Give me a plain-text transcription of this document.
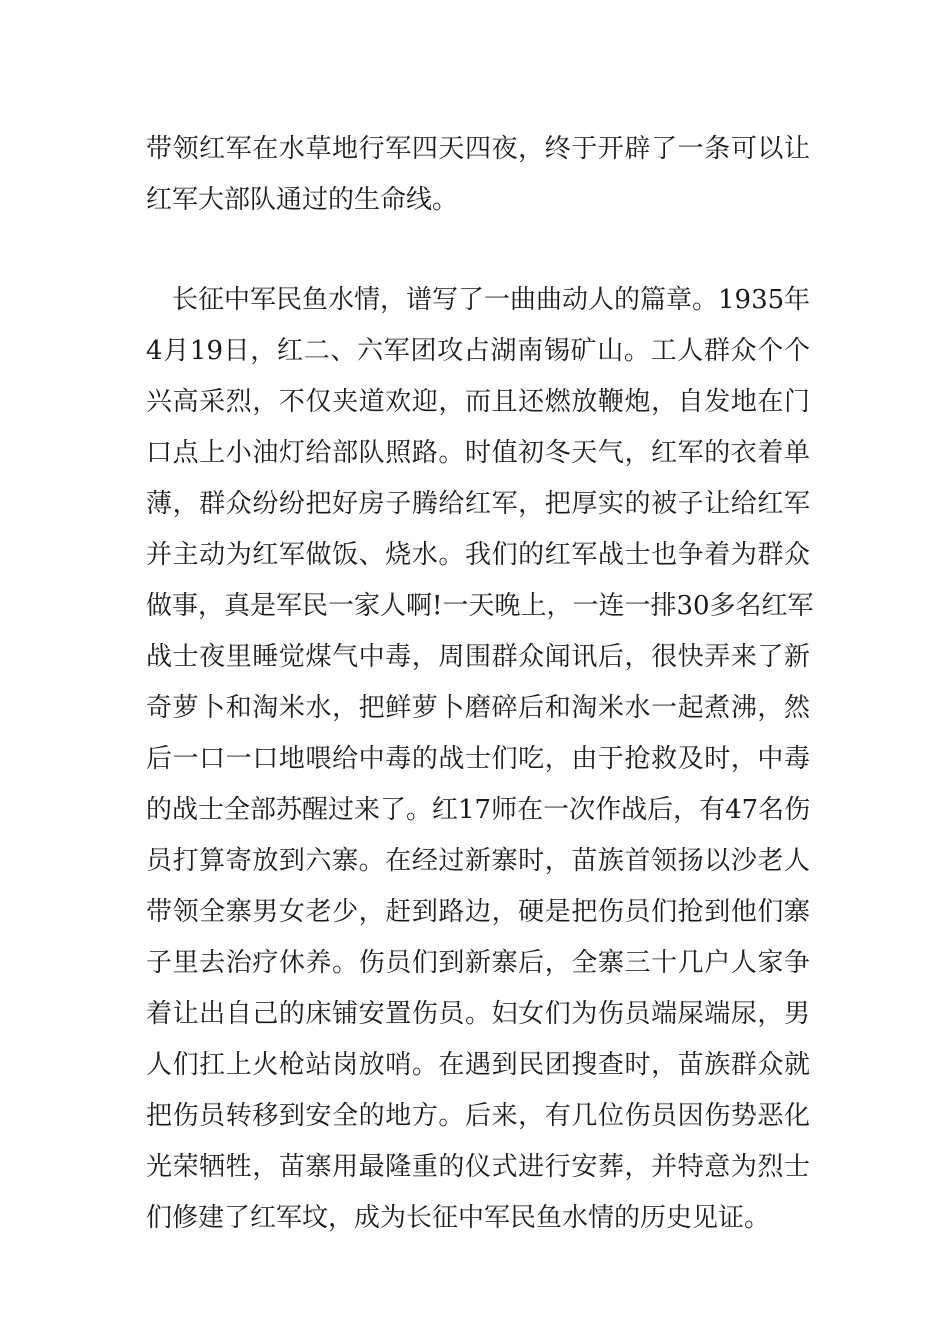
带领红军在水草地行军四天四夜，终于开辟了一条可以让
红军大部队通过的生命线。
　长征中军民鱼水情，谱写了一曲曲动人的篇章。1935年
4月19日，红二、六军团攻占湖南锡矿山。工人群众个个
兴高采烈，不仅夹道欢迎，而且还燃放鞭炮，自发地在门
口点上小油灯给部队照路。时值初冬天气，红军的衣着单
薄，群众纷纷把好房子腾给红军，把厚实的被子让给红军
并主动为红军做饭、烧水。我们的红军战士也争着为群众
做事，真是军民一家人啊!一天晚上，一连一排30多名红军
战士夜里睡觉煤气中毒，周围群众闻讯后，很快弄来了新
奇萝卜和淘米水，把鲜萝卜磨碎后和淘米水一起煮沸，然
后一口一口地喂给中毒的战士们吃，由于抢救及时，中毒
的战士全部苏醒过来了。红17师在一次作战后，有47名伤
员打算寄放到六寨。在经过新寨时，苗族首领扬以沙老人
带领全寨男女老少，赶到路边，硬是把伤员们抢到他们寨
子里去治疗休养。伤员们到新寨后，全寨三十几户人家争
着让出自己的床铺安置伤员。妇女们为伤员端屎端尿，男
人们扛上火枪站岗放哨。在遇到民团搜查时，苗族群众就
把伤员转移到安全的地方。后来，有几位伤员因伤势恶化
光荣牺牲，苗寨用最隆重的仪式进行安葬，并特意为烈士
们修建了红军坟，成为长征中军民鱼水情的历史见证。
